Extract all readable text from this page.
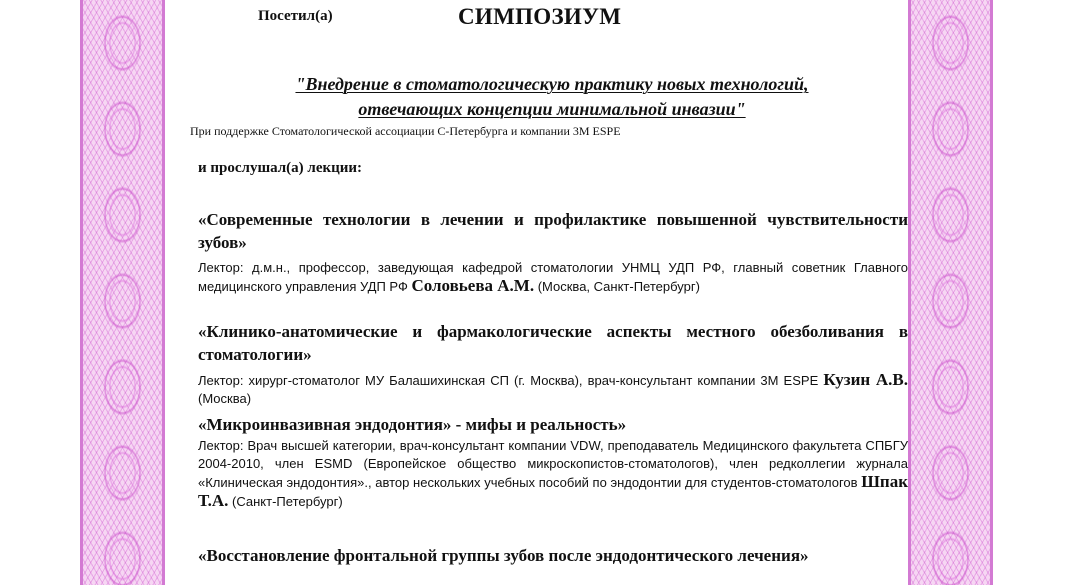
Посетил(а)	СИМПОЗИУМ
"Внедрение в стоматологическую практику новых технологий,
отвечающих концепции минимальной инвазии"
При поддержке Стоматологической ассоциации С-Петербурга и компании 3M ESPE
и прослушал(а) лекции:
«Современные технологии в лечении и профилактике повышенной чувствительности зубов»
Лектор: д.м.н., профессор, заведующая кафедрой стоматологии УНМЦ УДП РФ, главный советник Главного медицинского управления УДП РФ Соловьева А.М. (Москва, Санкт-Петербург)
«Клинико-анатомические и фармакологические аспекты местного обезболивания в стоматологии»
Лектор: хирург-стоматолог МУ Балашихинская СП (г. Москва), врач-консультант компании 3M ESPE Кузин А.В. (Москва)
«Микроинвазивная эндодонтия» - мифы и реальность»
Лектор: Врач высшей категории, врач-консультант компании VDW, преподаватель Медицинского факультета СПБГУ 2004-2010, член ESMD (Европейское общество микроскопистов-стоматологов), член редколлегии журнала «Клиническая эндодонтия»., автор нескольких учебных пособий по эндодонтии для студентов-стоматологов Шпак Т.А. (Санкт-Петербург)
«Восстановление фронтальной группы зубов после эндодонтического лечения»
